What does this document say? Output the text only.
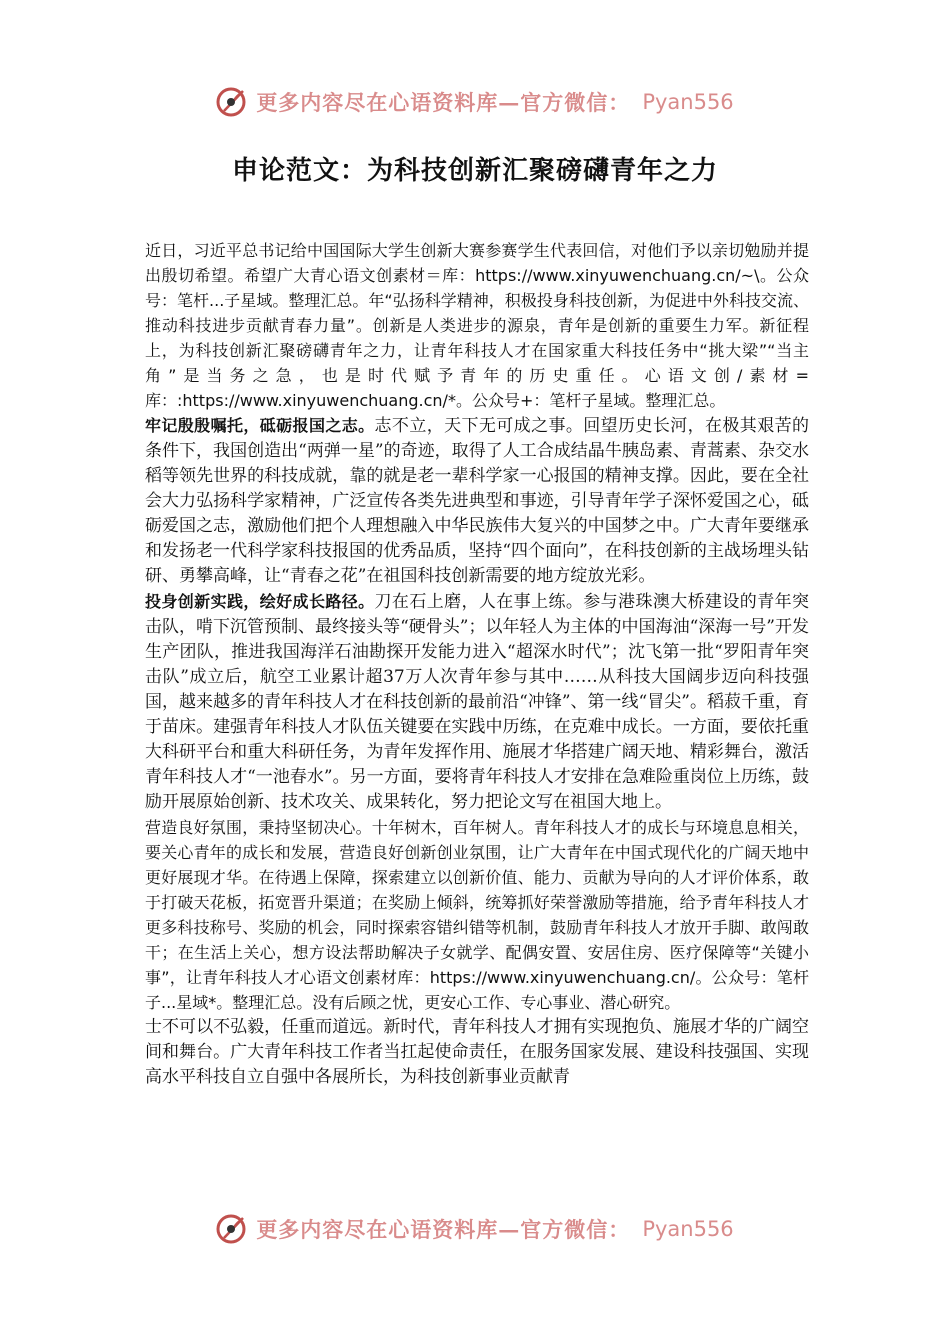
更多内容尽在心语资料库—官方微信： Pyan556
申论范文：为科技创新汇聚磅礴青年之力

近日，习近平总书记给中国国际大学生创新大赛参赛学生代表回信，对他们予以亲切勉励并提出殷切希望。希望广大青心语文创素材＝库：https://www.xinyuwenchuang.cn/~\。公众号：笔杆...子星域。整理汇总。年“弘扬科学精神，积极投身科技创新，为促进中外科技交流、推动科技进步贡献青春力量”。创新是人类进步的源泉，青年是创新的重要生力军。新征程上，为科技创新汇聚磅礴青年之力，让青年科技人才在国家重大科技任务中“挑大梁”“当主角”是当务之急，也是时代赋予青年的历史重任。心语文创/素材=库：:https://www.xinyuwenchuang.cn/*。公众号+：笔杆子星域。整理汇总。

牢记殷殷嘱托，砥砺报国之志。志不立，天下无可成之事。回望历史长河，在极其艰苦的条件下，我国创造出“两弹一星”的奇迹，取得了人工合成结晶牛胰岛素、青蒿素、杂交水稻等领先世界的科技成就，靠的就是老一辈科学家一心报国的精神支撑。因此，要在全社会大力弘扬科学家精神，广泛宣传各类先进典型和事迹，引导青年学子深怀爱国之心，砥砺爱国之志，激励他们把个人理想融入中华民族伟大复兴的中国梦之中。广大青年要继承和发扬老一代科学家科技报国的优秀品质，坚持“四个面向”，在科技创新的主战场埋头钻研、勇攀高峰，让“青春之花”在祖国科技创新需要的地方绽放光彩。

投身创新实践，绘好成长路径。刀在石上磨，人在事上练。参与港珠澳大桥建设的青年突击队，啃下沉管预制、最终接头等“硬骨头”；以年轻人为主体的中国海油“深海一号”开发生产团队，推进我国海洋石油勘探开发能力进入“超深水时代”；沈飞第一批“罗阳青年突击队”成立后，航空工业累计超37万人次青年参与其中……从科技大国阔步迈向科技强国，越来越多的青年科技人才在科技创新的最前沿“冲锋”、第一线“冒尖”。稻菽千重，育于苗床。建强青年科技人才队伍关键要在实践中历练，在克难中成长。一方面，要依托重大科研平台和重大科研任务，为青年发挥作用、施展才华搭建广阔天地、精彩舞台，激活青年科技人才“一池春水”。另一方面，要将青年科技人才安排在急难险重岗位上历练，鼓励开展原始创新、技术攻关、成果转化，努力把论文写在祖国大地上。

营造良好氛围，秉持坚韧决心。十年树木，百年树人。青年科技人才的成长与环境息息相关，要关心青年的成长和发展，营造良好创新创业氛围，让广大青年在中国式现代化的广阔天地中更好展现才华。在待遇上保障，探索建立以创新价值、能力、贡献为导向的人才评价体系，敢于打破天花板，拓宽晋升渠道；在奖励上倾斜，统筹抓好荣誉激励等措施，给予青年科技人才更多科技称号、奖励的机会，同时探索容错纠错等机制，鼓励青年科技人才放开手脚、敢闯敢干；在生活上关心，想方设法帮助解决子女就学、配偶安置、安居住房、医疗保障等“关键小事”，让青年科技人才心语文创素材库：https://www.xinyuwenchuang.cn/。公众号：笔杆子...星域*。整理汇总。没有后顾之忧，更安心工作、专心事业、潜心研究。

士不可以不弘毅，任重而道远。新时代，青年科技人才拥有实现抱负、施展才华的广阔空间和舞台。广大青年科技工作者当扛起使命责任，在服务国家发展、建设科技强国、实现高水平科技自立自强中各展所长，为科技创新事业贡献青

更多内容尽在心语资料库—官方微信： Pyan556
